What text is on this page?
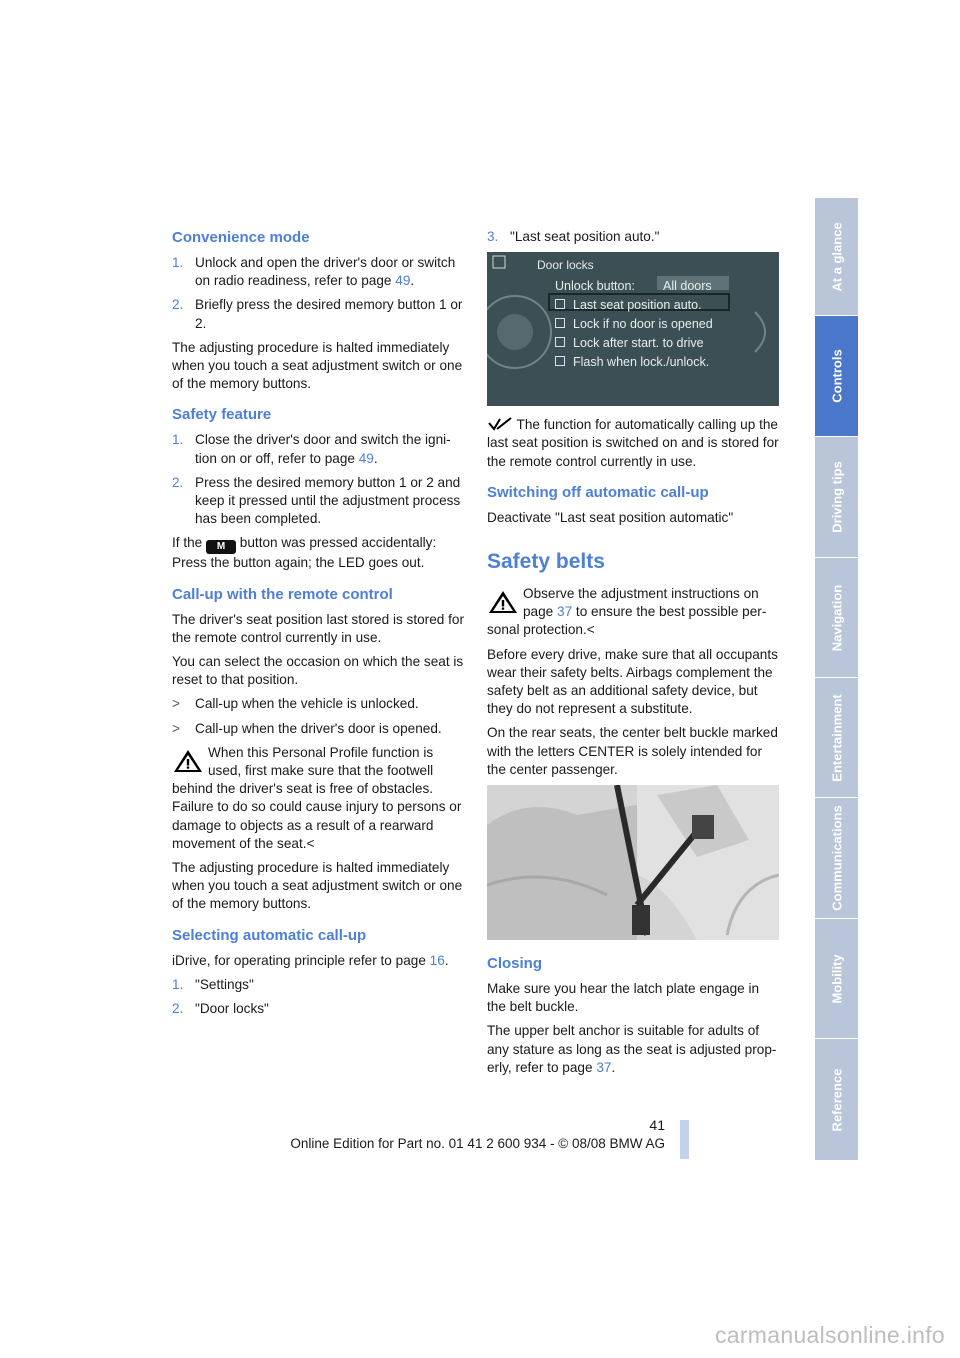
Convenience mode
1. Unlock and open the driver's door or switch on radio readiness, refer to page 49.
2. Briefly press the desired memory button 1 or 2.

The adjusting procedure is halted immediately when you touch a seat adjustment switch or one of the memory buttons.

Safety feature
1. Close the driver's door and switch the igni-tion on or off, refer to page 49.
2. Press the desired memory button 1 or 2 and keep it pressed until the adjustment process has been completed.

If the M button was pressed accidentally: Press the button again; the LED goes out.

Call-up with the remote control

The driver's seat position last stored is stored for the remote control currently in use.

You can select the occasion on which the seat is reset to that position.

> Call-up when the vehicle is unlocked.
> Call-up when the driver's door is opened.
When this Personal Profile function is used, first make sure that the footwell behind the driver's seat is free of obstacles. Failure to do so could cause injury to persons or damage to objects as a result of a rearward movement of the seat.<

The adjusting procedure is halted immediately when you touch a seat adjustment switch or one of the memory buttons.

Selecting automatic call-up

iDrive, for operating principle refer to page 16.

1. "Settings"
2. "Door locks"
3. "Last seat position auto."
Door locks
Unlock button: All doors
Last seat position auto.
Lock if no door is opened
Lock after start. to drive
Flash when lock./unlock.

The function for automatically calling up the last seat position is switched on and is stored for the remote control currently in use.

Switching off automatic call-up

Deactivate "Last seat position automatic"

Safety belts
Observe the adjustment instructions on page 37 to ensure the best possible per-sonal protection.<

Before every drive, make sure that all occupants wear their safety belts. Airbags complement the safety belt as an additional safety device, but they do not represent a substitute.

On the rear seats, the center belt buckle marked with the letters CENTER is solely intended for the center passenger.

Closing

Make sure you hear the latch plate engage in the belt buckle.

The upper belt anchor is suitable for adults of any stature as long as the seat is adjusted prop-erly, refer to page 37.

At a glance
Controls
Driving tips
Navigation
Entertainment
Communications
Mobility
Reference
41
Online Edition for Part no. 01 41 2 600 934 - © 08/08 BMW AG
carmanualsonline.info
